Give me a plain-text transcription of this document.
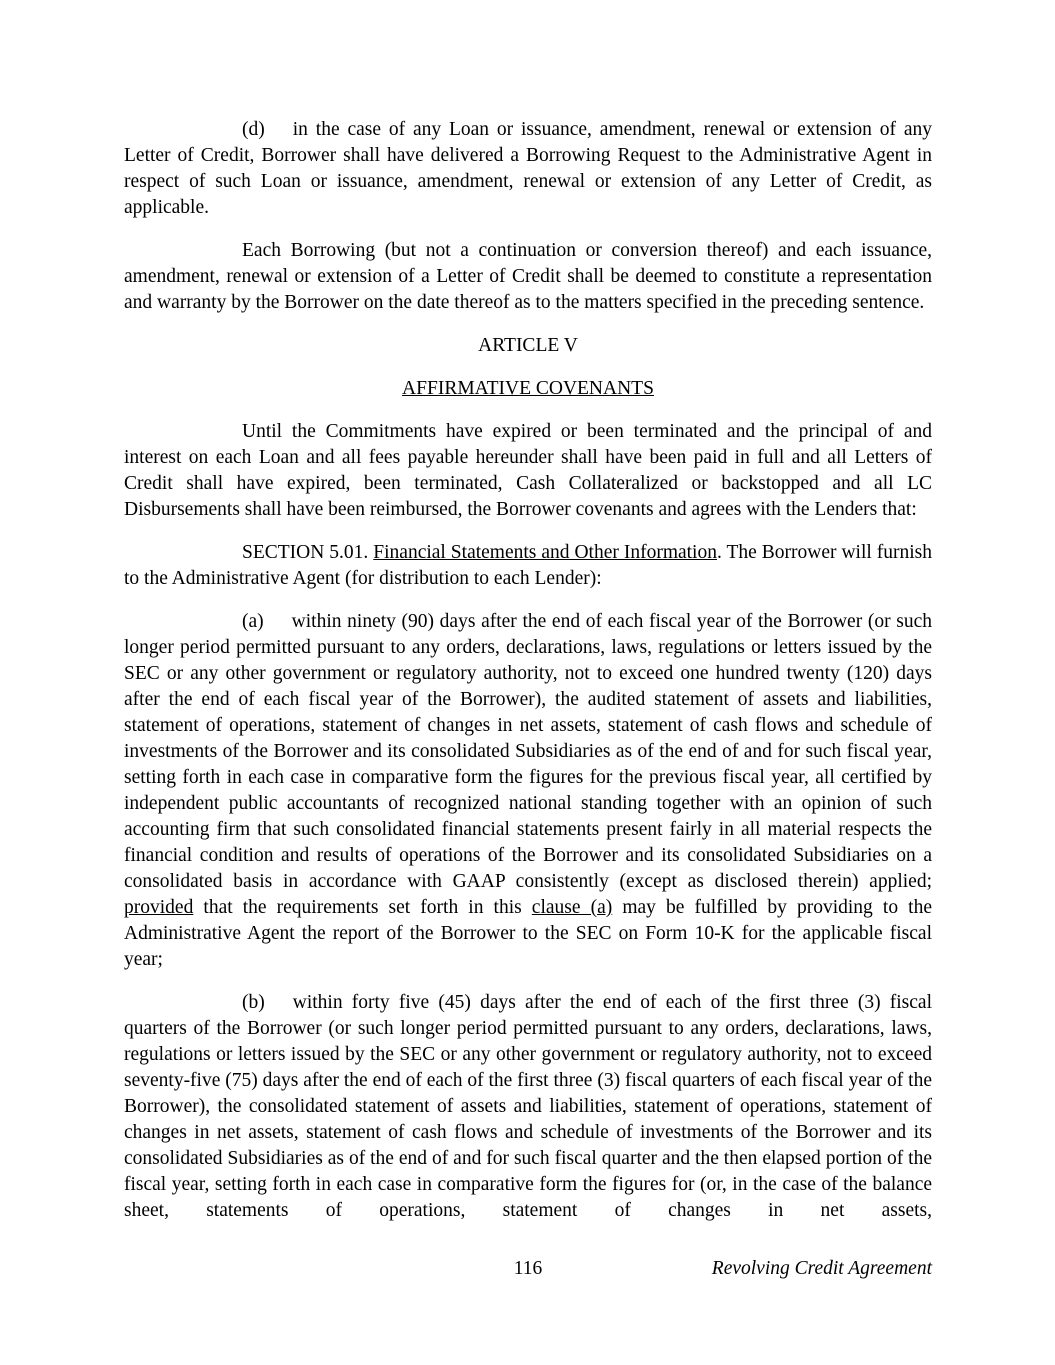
(d) in the case of any Loan or issuance, amendment, renewal or extension of any Letter of Credit, Borrower shall have delivered a Borrowing Request to the Administrative Agent in respect of such Loan or issuance, amendment, renewal or extension of any Letter of Credit, as applicable.

Each Borrowing (but not a continuation or conversion thereof) and each issuance, amendment, renewal or extension of a Letter of Credit shall be deemed to constitute a representation and warranty by the Borrower on the date thereof as to the matters specified in the preceding sentence.

ARTICLE V
AFFIRMATIVE COVENANTS

Until the Commitments have expired or been terminated and the principal of and interest on each Loan and all fees payable hereunder shall have been paid in full and all Letters of Credit shall have expired, been terminated, Cash Collateralized or backstopped and all LC Disbursements shall have been reimbursed, the Borrower covenants and agrees with the Lenders that:

SECTION 5.01. Financial Statements and Other Information. The Borrower will furnish to the Administrative Agent (for distribution to each Lender):

(a) within ninety (90) days after the end of each fiscal year of the Borrower (or such longer period permitted pursuant to any orders, declarations, laws, regulations or letters issued by the SEC or any other government or regulatory authority, not to exceed one hundred twenty (120) days after the end of each fiscal year of the Borrower), the audited statement of assets and liabilities, statement of operations, statement of changes in net assets, statement of cash flows and schedule of investments of the Borrower and its consolidated Subsidiaries as of the end of and for such fiscal year, setting forth in each case in comparative form the figures for the previous fiscal year, all certified by independent public accountants of recognized national standing together with an opinion of such accounting firm that such consolidated financial statements present fairly in all material respects the financial condition and results of operations of the Borrower and its consolidated Subsidiaries on a consolidated basis in accordance with GAAP consistently (except as disclosed therein) applied; provided that the requirements set forth in this clause (a) may be fulfilled by providing to the Administrative Agent the report of the Borrower to the SEC on Form 10-K for the applicable fiscal year;

(b) within forty five (45) days after the end of each of the first three (3) fiscal quarters of the Borrower (or such longer period permitted pursuant to any orders, declarations, laws, regulations or letters issued by the SEC or any other government or regulatory authority, not to exceed seventy-five (75) days after the end of each of the first three (3) fiscal quarters of each fiscal year of the Borrower), the consolidated statement of assets and liabilities, statement of operations, statement of changes in net assets, statement of cash flows and schedule of investments of the Borrower and its consolidated Subsidiaries as of the end of and for such fiscal quarter and the then elapsed portion of the fiscal year, setting forth in each case in comparative form the figures for (or, in the case of the balance sheet, statements of operations, statement of changes in net assets,

116	Revolving Credit Agreement
